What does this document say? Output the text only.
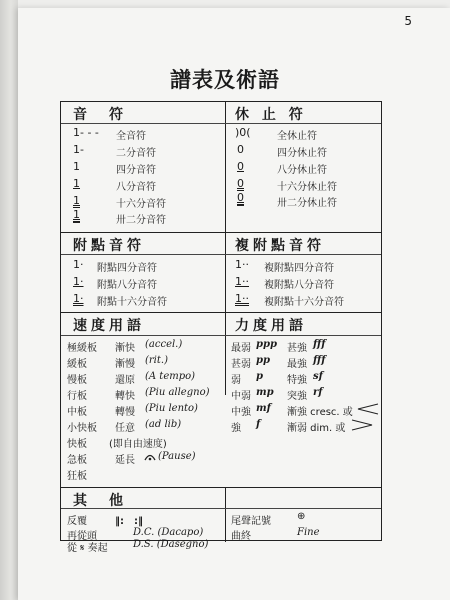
5
譜表及術語
音　符
1- - - 全音符
1-	二分音符
1	四分音符
1	八分音符
1	十六分音符
1	卅二分音符
休 止 符
)0(	全休止符
0	四分休止符
0	八分休止符
0	十六分休止符
0	卅二分休止符
附點音符
1· 附點四分音符
1· 附點八分音符
1· 附點十六分音符
複附點音符
1·· 複附點四分音符
1·· 複附點八分音符
1·· 複附點十六分音符
速度用語
極緩板 漸快 (accel.)
緩板	漸慢 (rit.)
慢板	還原 (A tempo)
行板	轉快 (Piu allegno)
中板	轉慢 (Piu lento)
小快板 任意 (ad lib)
快板 (即自由速度)
急板	延長 (Pause)
狂板
力度用語
最弱 ppp 甚強 fff
甚弱 pp 最強 fff
弱 p 特強 sf
中弱 mp 突強 rf
中強 mf 漸強 cresc. 或
強 f	漸弱 dim. 或
其　他
反覆	‖:　:‖
再從頭	D.C. (Dacapo)
從 𝄋 奏起	D.S. (Dasegno)
尾聲記號	⊕
曲終	Fine
